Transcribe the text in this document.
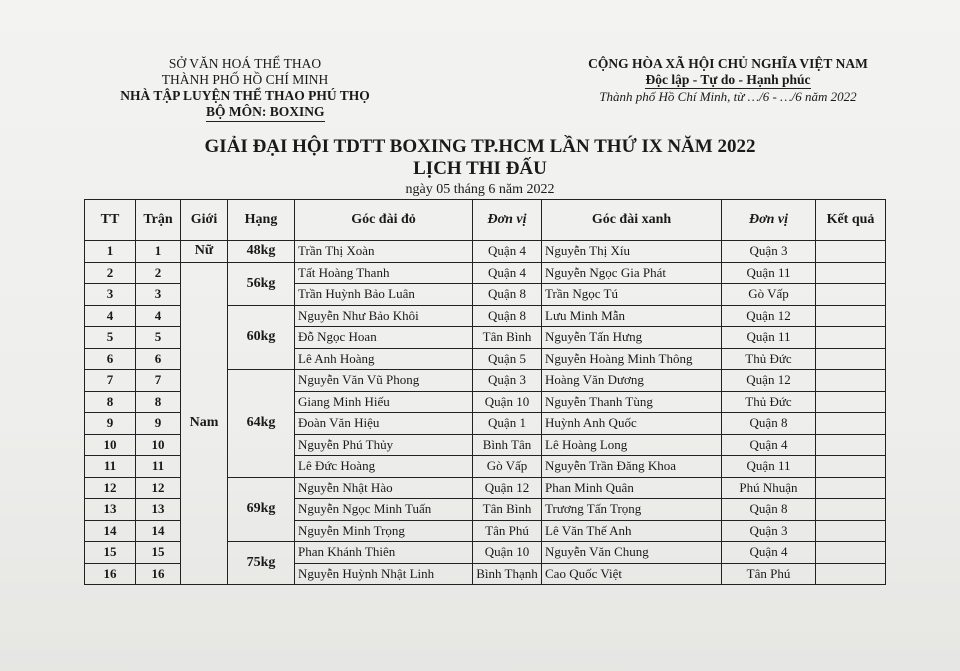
SỞ VĂN HOÁ THỂ THAO
THÀNH PHỐ HỒ CHÍ MINH
NHÀ TẬP LUYỆN THỂ THAO PHÚ THỌ
BỘ MÔN: BOXING
CỘNG HÒA XÃ HỘI CHỦ NGHĨA VIỆT NAM
Độc lập - Tự do - Hạnh phúc
Thành phố Hồ Chí Minh, từ …/6 - …/6 năm 2022
GIẢI ĐẠI HỘI TDTT BOXING TP.HCM LẦN THỨ IX NĂM 2022
LỊCH THI ĐẤU
ngày 05 tháng 6 năm 2022
TT	Trận	Giới	Hạng	Góc đài đỏ	Đơn vị	Góc đài xanh	Đơn vị	Kết quả
1	1	Nữ	48kg	Trần Thị Xoàn	Quận 4	Nguyễn Thị Xíu	Quận 3	
2	2	Nam	56kg	Tất Hoàng Thanh	Quận 4	Nguyễn Ngọc Gia Phát	Quận 11	
3	3			Trần Huỳnh Bảo Luân	Quận 8	Trần Ngọc Tú	Gò Vấp	
4	4		60kg	Nguyễn Như Bảo Khôi	Quận 8	Lưu Minh Mẫn	Quận 12	
5	5			Đỗ Ngọc Hoan	Tân Bình	Nguyễn Tấn Hưng	Quận 11	
6	6			Lê Anh Hoàng	Quận 5	Nguyễn Hoàng Minh Thông	Thủ Đức	
7	7		64kg	Nguyễn Văn Vũ Phong	Quận 3	Hoàng Văn Dương	Quận 12	
8	8			Giang Minh Hiếu	Quận 10	Nguyễn Thanh Tùng	Thủ Đức	
9	9			Đoàn Văn Hiệu	Quận 1	Huỳnh Anh Quốc	Quận 8	
10	10			Nguyễn Phú Thủy	Bình Tân	Lê Hoàng Long	Quận 4	
11	11			Lê Đức Hoàng	Gò Vấp	Nguyễn Trần Đăng Khoa	Quận 11	
12	12		69kg	Nguyễn Nhật Hào	Quận 12	Phan Minh Quân	Phú Nhuận	
13	13			Nguyễn Ngọc Minh Tuấn	Tân Bình	Trương Tấn Trọng	Quận 8	
14	14			Nguyễn Minh Trọng	Tân Phú	Lê Văn Thế Anh	Quận 3	
15	15		75kg	Phan Khánh Thiên	Quận 10	Nguyễn Văn Chung	Quận 4	
16	16			Nguyễn Huỳnh Nhật Linh	Bình Thạnh	Cao Quốc Việt	Tân Phú	
